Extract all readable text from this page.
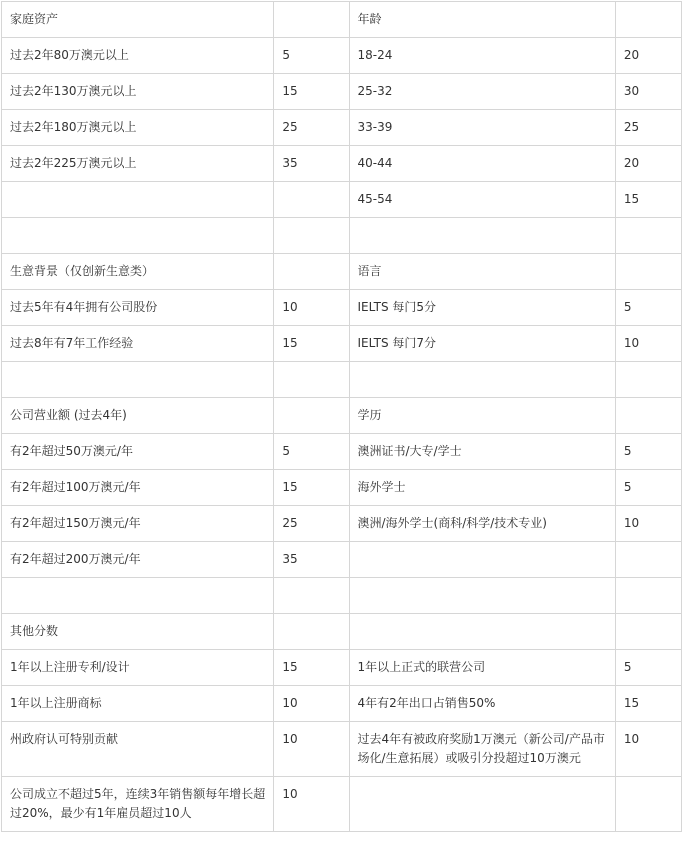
家庭资产		年龄	
过去2年80万澳元以上	5	18-24	20
过去2年130万澳元以上	15	25-32	30
过去2年180万澳元以上	25	33-39	25
过去2年225万澳元以上	35	40-44	20
		45-54	15

生意背景（仅创新生意类）		语言	
过去5年有4年拥有公司股份	10	IELTS 每门5分	5
过去8年有7年工作经验	15	IELTS 每门7分	10

公司营业额 (过去4年)		学历	
有2年超过50万澳元/年	5	澳洲证书/大专/学士	5
有2年超过100万澳元/年	15	海外学士	5
有2年超过150万澳元/年	25	澳洲/海外学士(商科/科学/技术专业)	10
有2年超过200万澳元/年	35		

其他分数			
1年以上注册专利/设计	15	1年以上正式的联营公司	5
1年以上注册商标	10	4年有2年出口占销售50%	15
州政府认可特别贡献	10	过去4年有被政府奖励1万澳元（新公司/产品市场化/生意拓展）或吸引分投超过10万澳元	10
公司成立不超过5年，连续3年销售额每年增长超过20%，最少有1年雇员超过10人	10		
